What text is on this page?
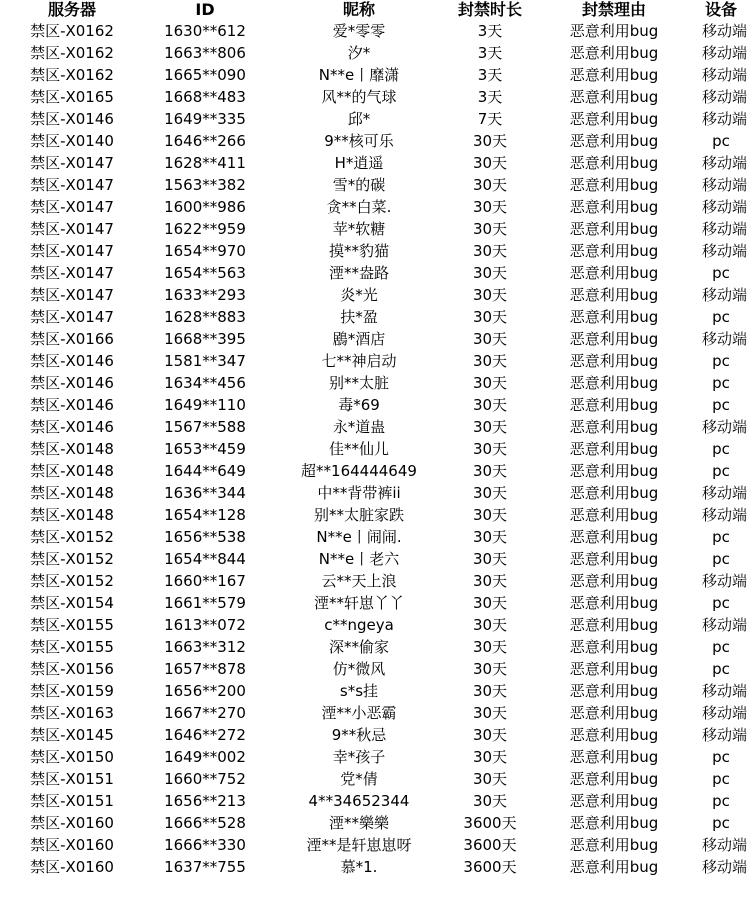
服务器	ID	昵称	封禁时长	封禁理由	设备
禁区-X0162	1630**612	爱*零零	3天	恶意利用bug	移动端
禁区-X0162	1663**806	汐*	3天	恶意利用bug	移动端
禁区-X0162	1665**090	N**e丨靡潇	3天	恶意利用bug	移动端
禁区-X0165	1668**483	风**的气球	3天	恶意利用bug	移动端
禁区-X0146	1649**335	邱*	7天	恶意利用bug	移动端
禁区-X0140	1646**266	9**核可乐	30天	恶意利用bug	pc
禁区-X0147	1628**411	H*逍遥	30天	恶意利用bug	移动端
禁区-X0147	1563**382	雪*的碳	30天	恶意利用bug	移动端
禁区-X0147	1600**986	贪**白菜.	30天	恶意利用bug	移动端
禁区-X0147	1622**959	苹*软糖	30天	恶意利用bug	移动端
禁区-X0147	1654**970	摸**豹猫	30天	恶意利用bug	移动端
禁区-X0147	1654**563	湮**盎路	30天	恶意利用bug	pc
禁区-X0147	1633**293	炎*光	30天	恶意利用bug	移动端
禁区-X0147	1628**883	扶*盈	30天	恶意利用bug	pc
禁区-X0166	1668**395	鶋*酒店	30天	恶意利用bug	移动端
禁区-X0146	1581**347	七**神启动	30天	恶意利用bug	pc
禁区-X0146	1634**456	别**太脏	30天	恶意利用bug	pc
禁区-X0146	1649**110	毒*69	30天	恶意利用bug	pc
禁区-X0146	1567**588	永*道蛊	30天	恶意利用bug	移动端
禁区-X0148	1653**459	佳**仙儿	30天	恶意利用bug	pc
禁区-X0148	1644**649	超**164444649	30天	恶意利用bug	pc
禁区-X0148	1636**344	中**背带裤ii	30天	恶意利用bug	移动端
禁区-X0148	1654**128	别**太脏家跌	30天	恶意利用bug	移动端
禁区-X0152	1656**538	N**e丨闹闹.	30天	恶意利用bug	pc
禁区-X0152	1654**844	N**e丨老六	30天	恶意利用bug	pc
禁区-X0152	1660**167	云**天上浪	30天	恶意利用bug	移动端
禁区-X0154	1661**579	湮**轩崽丫丫	30天	恶意利用bug	pc
禁区-X0155	1613**072	c**ngeya	30天	恶意利用bug	移动端
禁区-X0155	1663**312	深**偷家	30天	恶意利用bug	pc
禁区-X0156	1657**878	仿*微风	30天	恶意利用bug	pc
禁区-X0159	1656**200	s*s挂	30天	恶意利用bug	移动端
禁区-X0163	1667**270	湮**小恶霸	30天	恶意利用bug	移动端
禁区-X0145	1646**272	9**秋忌	30天	恶意利用bug	移动端
禁区-X0150	1649**002	幸*孩子	30天	恶意利用bug	pc
禁区-X0151	1660**752	党*倩	30天	恶意利用bug	pc
禁区-X0151	1656**213	4**34652344	30天	恶意利用bug	pc
禁区-X0160	1666**528	湮**樂樂	3600天	恶意利用bug	pc
禁区-X0160	1666**330	湮**是轩崽崽呀	3600天	恶意利用bug	移动端
禁区-X0160	1637**755	慕*1.	3600天	恶意利用bug	移动端
